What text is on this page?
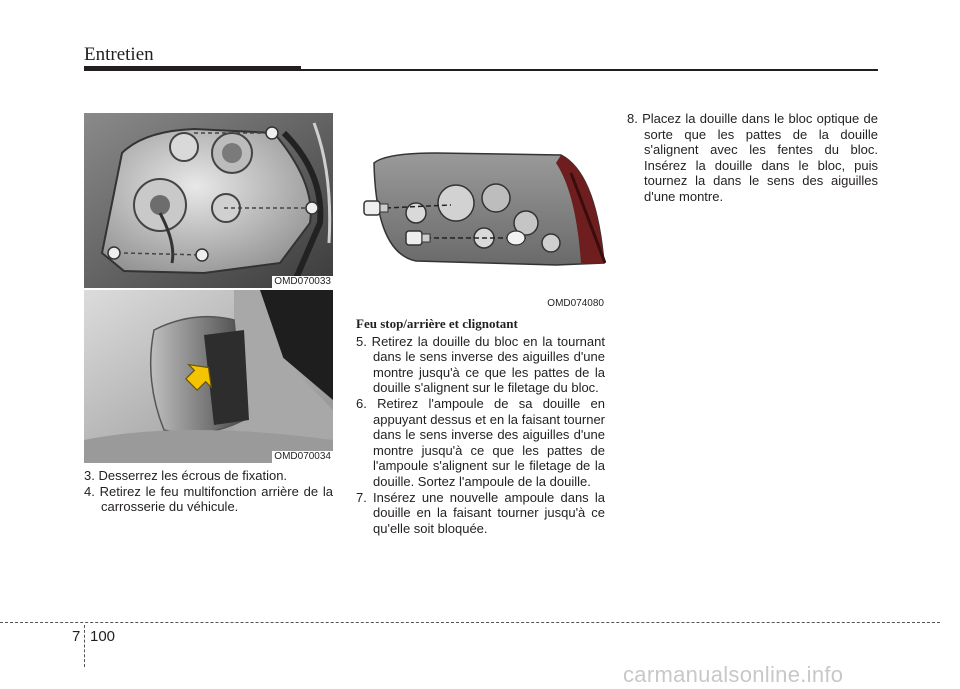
Entretien
OMD070033
OMD070034
OMD074080

3. Desserrez les écrous de fixation.

4. Retirez le feu multifonction arrière de la carrosserie du véhicule.

Feu stop/arrière et clignotant

5. Retirez la douille du bloc en la tournant dans le sens inverse des aiguilles d'une montre jusqu'à ce que les pattes de la douille s'alignent sur le filetage du bloc.

6. Retirez l'ampoule de sa douille en appuyant dessus et en la faisant tourner dans le sens inverse des aiguilles d'une montre jusqu'à ce que les pattes de l'ampoule s'alignent sur le filetage de la douille. Sortez l'ampoule de la douille.

7. Insérez une nouvelle ampoule dans la douille en la faisant tourner jusqu'à ce qu'elle soit bloquée.

8. Placez la douille dans le bloc optique de sorte que les pattes de la douille s'alignent avec les fentes du bloc. Insérez la douille dans le bloc, puis tournez la dans le sens des aiguilles d'une montre.

7 100
carmanualsonline.info
